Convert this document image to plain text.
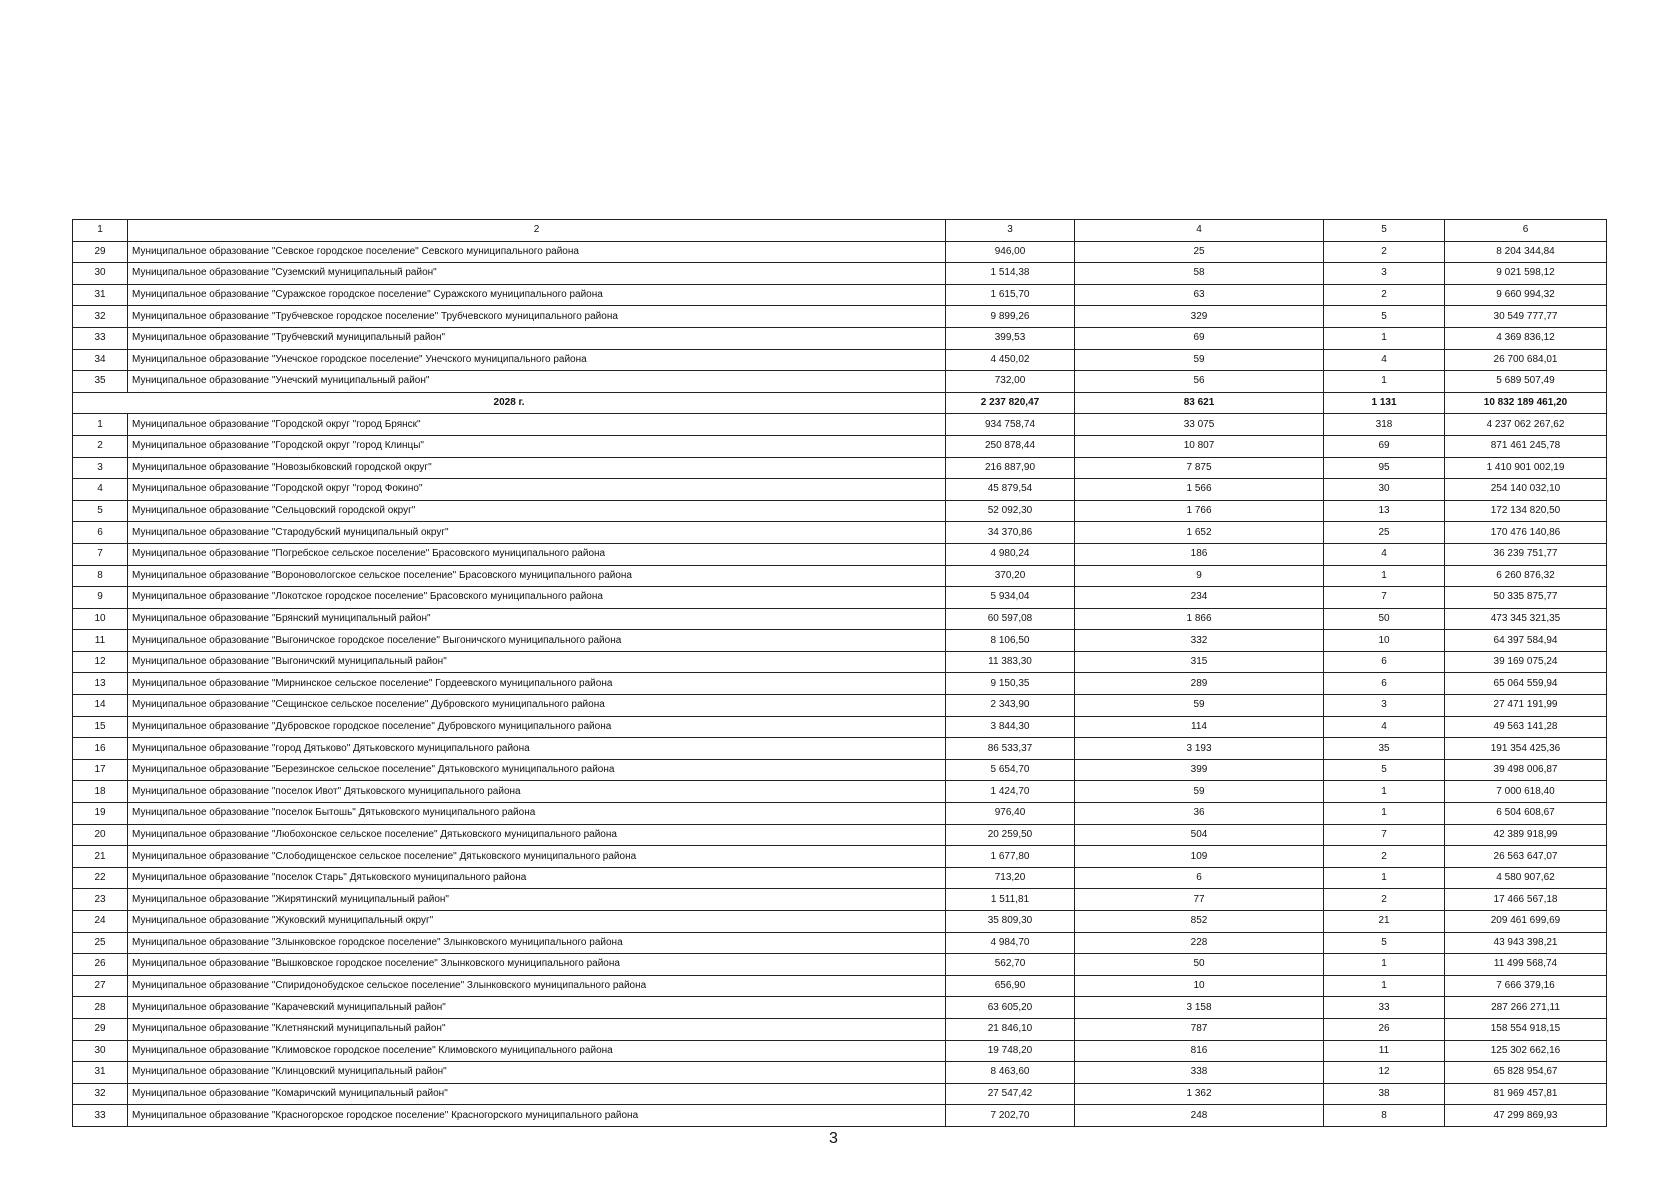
1	2	3	4	5	6
29	Муниципальное образование "Севское городское поселение" Севского муниципального района	946,00	25	2	8 204 344,84
30	Муниципальное образование "Суземский муниципальный район"	1 514,38	58	3	9 021 598,12
31	Муниципальное образование "Суражское городское поселение" Суражского муниципального района	1 615,70	63	2	9 660 994,32
32	Муниципальное образование "Трубчевское городское поселение" Трубчевского муниципального района	9 899,26	329	5	30 549 777,77
33	Муниципальное образование "Трубчевский муниципальный район"	399,53	69	1	4 369 836,12
34	Муниципальное образование "Унечское городское поселение" Унечского муниципального района	4 450,02	59	4	26 700 684,01
35	Муниципальное образование "Унечский муниципальный район"	732,00	56	1	5 689 507,49
2028 г.		2 237 820,47	83 621	1 131	10 832 189 461,20
1	Муниципальное образование "Городской округ "город Брянск"	934 758,74	33 075	318	4 237 062 267,62
2	Муниципальное образование "Городской округ "город Клинцы"	250 878,44	10 807	69	871 461 245,78
3	Муниципальное образование "Новозыбковский городской округ"	216 887,90	7 875	95	1 410 901 002,19
4	Муниципальное образование "Городской округ "город Фокино"	45 879,54	1 566	30	254 140 032,10
5	Муниципальное образование "Сельцовский городской округ"	52 092,30	1 766	13	172 134 820,50
6	Муниципальное образование "Стародубский муниципальный округ"	34 370,86	1 652	25	170 476 140,86
7	Муниципальное образование "Погребское сельское поселение" Брасовского муниципального района	4 980,24	186	4	36 239 751,77
8	Муниципальное образование "Вороновологское сельское поселение" Брасовского муниципального района	370,20	9	1	6 260 876,32
9	Муниципальное образование "Локотское городское поселение" Брасовского муниципального района	5 934,04	234	7	50 335 875,77
10	Муниципальное образование "Брянский муниципальный район"	60 597,08	1 866	50	473 345 321,35
11	Муниципальное образование "Выгоничское городское поселение" Выгоничского муниципального района	8 106,50	332	10	64 397 584,94
12	Муниципальное образование "Выгоничский муниципальный район"	11 383,30	315	6	39 169 075,24
13	Муниципальное образование "Мирнинское сельское поселение" Гордеевского муниципального района	9 150,35	289	6	65 064 559,94
14	Муниципальное образование "Сещинское сельское поселение" Дубровского муниципального района	2 343,90	59	3	27 471 191,99
15	Муниципальное образование "Дубровское городское поселение" Дубровского муниципального района	3 844,30	114	4	49 563 141,28
16	Муниципальное образование "город Дятьково" Дятьковского муниципального района	86 533,37	3 193	35	191 354 425,36
17	Муниципальное образование "Березинское сельское поселение" Дятьковского муниципального района	5 654,70	399	5	39 498 006,87
18	Муниципальное образование "поселок Ивот" Дятьковского муниципального района	1 424,70	59	1	7 000 618,40
19	Муниципальное образование "поселок Бытошь" Дятьковского муниципального района	976,40	36	1	6 504 608,67
20	Муниципальное образование "Любохонское сельское поселение" Дятьковского муниципального района	20 259,50	504	7	42 389 918,99
21	Муниципальное образование "Слободищенское сельское поселение" Дятьковского муниципального района	1 677,80	109	2	26 563 647,07
22	Муниципальное образование "поселок Старь" Дятьковского муниципального района	713,20	6	1	4 580 907,62
23	Муниципальное образование "Жирятинский муниципальный район"	1 511,81	77	2	17 466 567,18
24	Муниципальное образование "Жуковский муниципальный округ"	35 809,30	852	21	209 461 699,69
25	Муниципальное образование "Злынковское городское поселение" Злынковского муниципального района	4 984,70	228	5	43 943 398,21
26	Муниципальное образование "Вышковское городское поселение" Злынковского муниципального района	562,70	50	1	11 499 568,74
27	Муниципальное образование "Спиридонобудское сельское поселение" Злынковского муниципального района	656,90	10	1	7 666 379,16
28	Муниципальное образование "Карачевский муниципальный район"	63 605,20	3 158	33	287 266 271,11
29	Муниципальное образование "Клетнянский муниципальный район"	21 846,10	787	26	158 554 918,15
30	Муниципальное образование "Климовское городское поселение" Климовского муниципального района	19 748,20	816	11	125 302 662,16
31	Муниципальное образование "Клинцовский муниципальный район"	8 463,60	338	12	65 828 954,67
32	Муниципальное образование "Комаричский муниципальный район"	27 547,42	1 362	38	81 969 457,81
33	Муниципальное образование "Красногорское городское поселение" Красногорского муниципального района	7 202,70	248	8	47 299 869,93
3
